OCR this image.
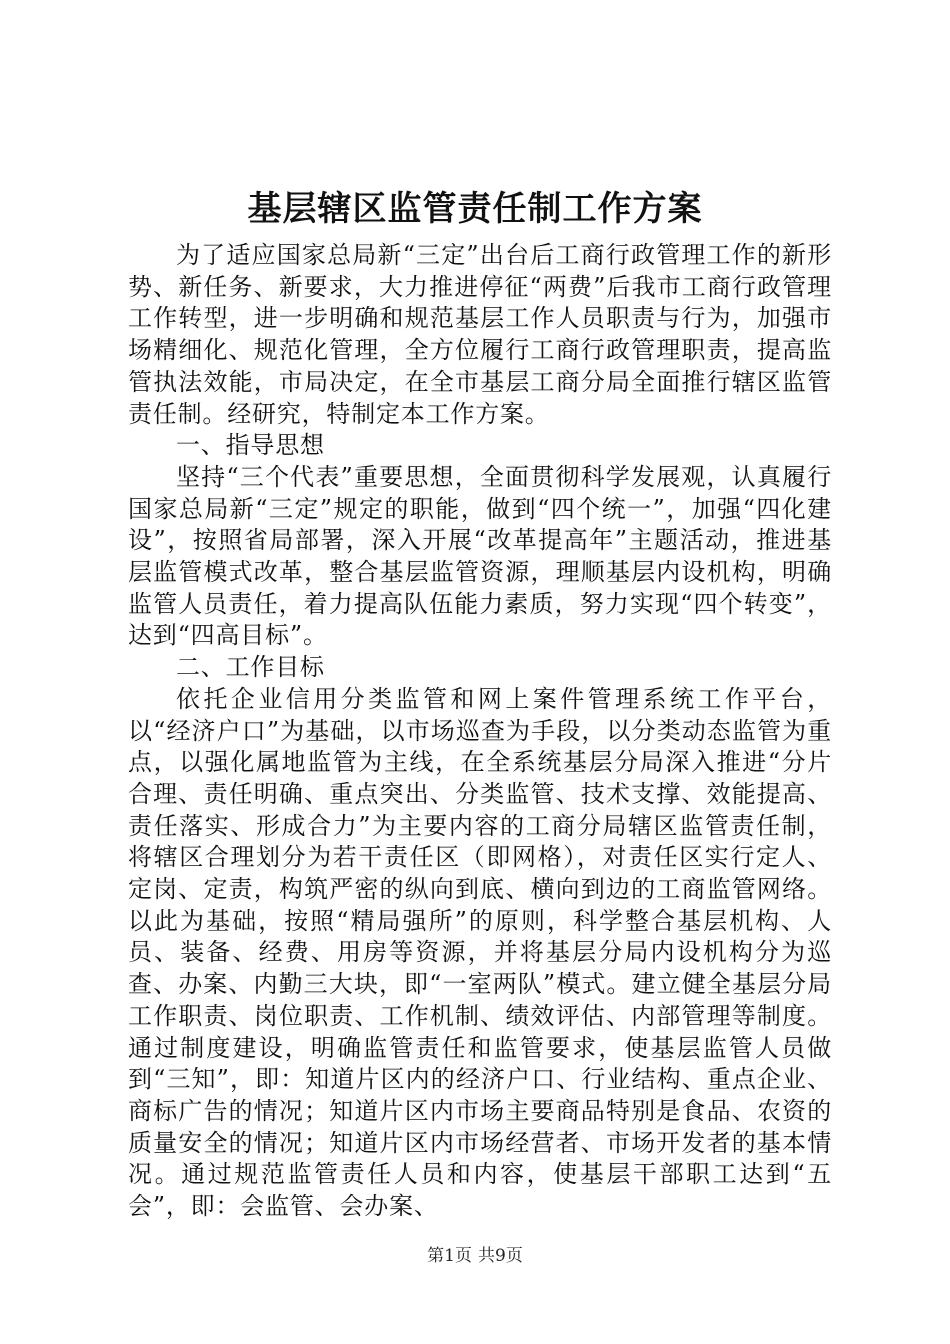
基层辖区监管责任制工作方案

为了适应国家总局新“三定”出台后工商行政管理工作的新形势、新任务、新要求，大力推进停征“两费”后我市工商行政管理工作转型，进一步明确和规范基层工作人员职责与行为，加强市场精细化、规范化管理，全方位履行工商行政管理职责，提高监管执法效能，市局决定，在全市基层工商分局全面推行辖区监管责任制。经研究，特制定本工作方案。

一、指导思想

坚持“三个代表”重要思想，全面贯彻科学发展观，认真履行国家总局新“三定”规定的职能，做到“四个统一”，加强“四化建设”，按照省局部署，深入开展“改革提高年”主题活动，推进基层监管模式改革，整合基层监管资源，理顺基层内设机构，明确监管人员责任，着力提高队伍能力素质，努力实现“四个转变”，达到“四高目标”。

二、工作目标

依托企业信用分类监管和网上案件管理系统工作平台，以“经济户口”为基础，以市场巡查为手段，以分类动态监管为重点，以强化属地监管为主线，在全系统基层分局深入推进“分片合理、责任明确、重点突出、分类监管、技术支撑、效能提高、责任落实、形成合力”为主要内容的工商分局辖区监管责任制，将辖区合理划分为若干责任区（即网格），对责任区实行定人、定岗、定责，构筑严密的纵向到底、横向到边的工商监管网络。以此为基础，按照“精局强所”的原则，科学整合基层机构、人员、装备、经费、用房等资源，并将基层分局内设机构分为巡查、办案、内勤三大块，即“一室两队”模式。建立健全基层分局工作职责、岗位职责、工作机制、绩效评估、内部管理等制度。通过制度建设，明确监管责任和监管要求，使基层监管人员做到“三知”，即：知道片区内的经济户口、行业结构、重点企业、商标广告的情况；知道片区内市场主要商品特别是食品、农资的质量安全的情况；知道片区内市场经营者、市场开发者的基本情况。通过规范监管责任人员和内容，使基层干部职工达到“五会”，即：会监管、会办案、

第1页 共9页
